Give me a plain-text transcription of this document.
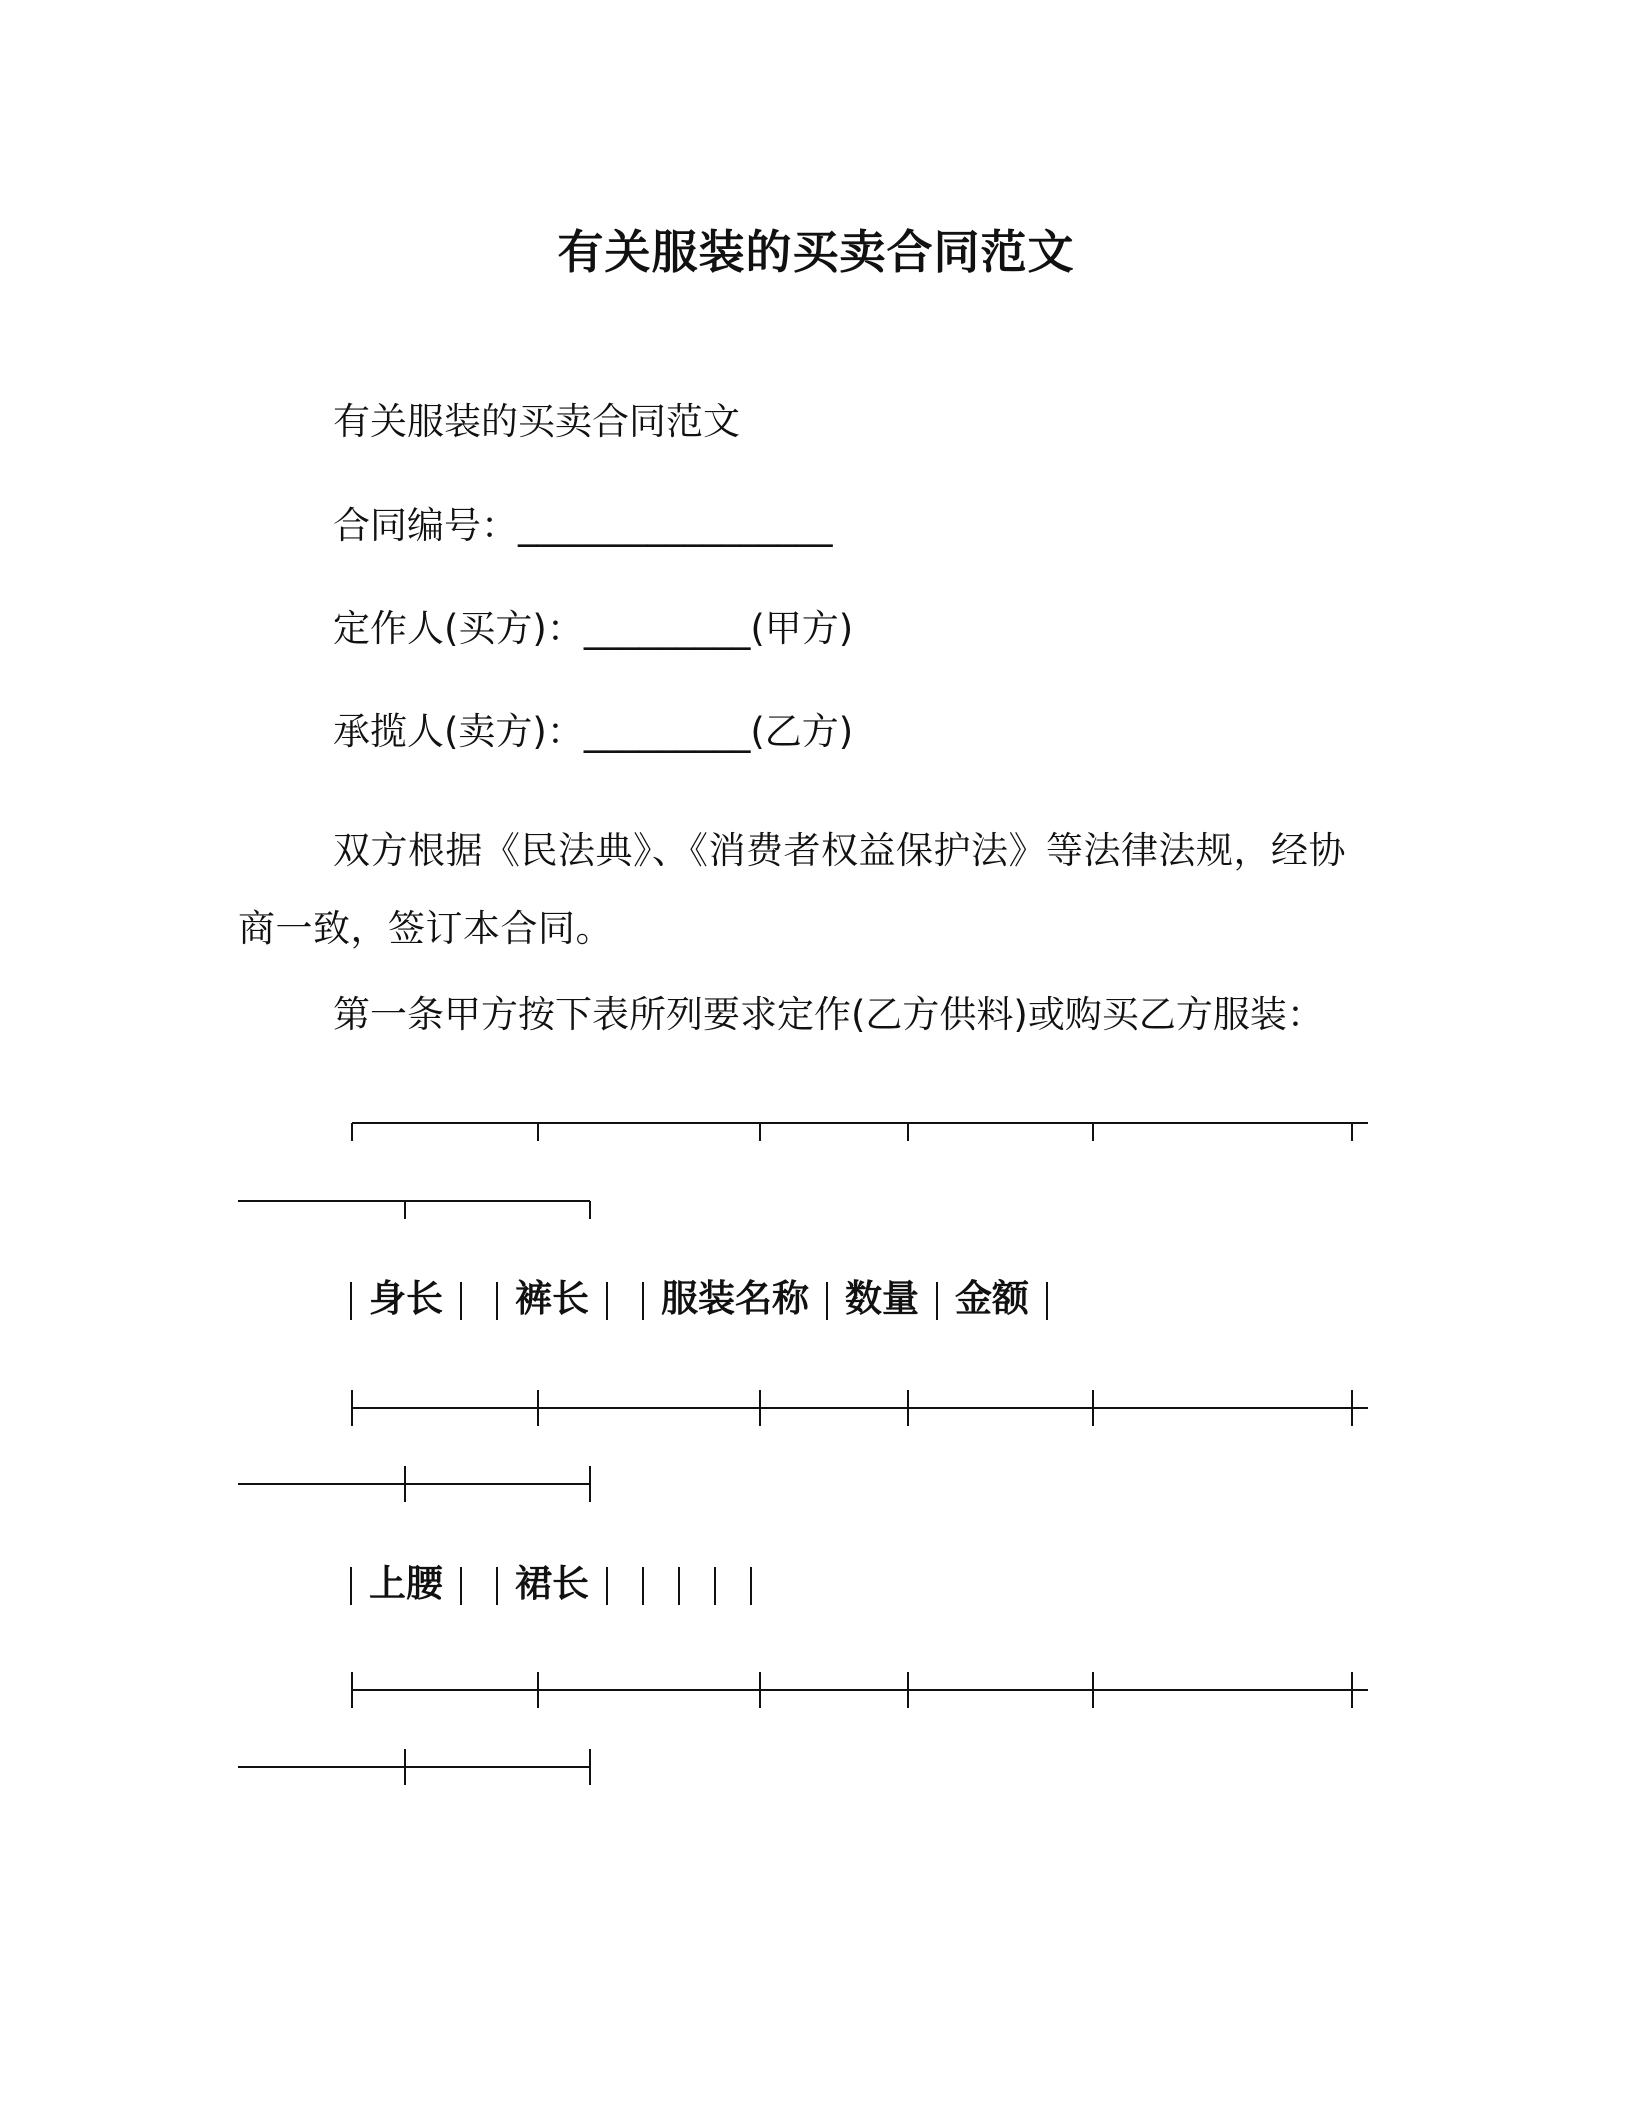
有关服装的买卖合同范文
有关服装的买卖合同范文
合同编号：_________________
定作人(买方)：_________(甲方)
承揽人(卖方)：_________(乙方)
双方根据《民法典》、《消费者权益保护法》等法律法规，经协商一致，签订本合同。
第一条甲方按下表所列要求定作(乙方供料)或购买乙方服装：
身长 裤长 服装名称 数量 金额
上腰 裙长
